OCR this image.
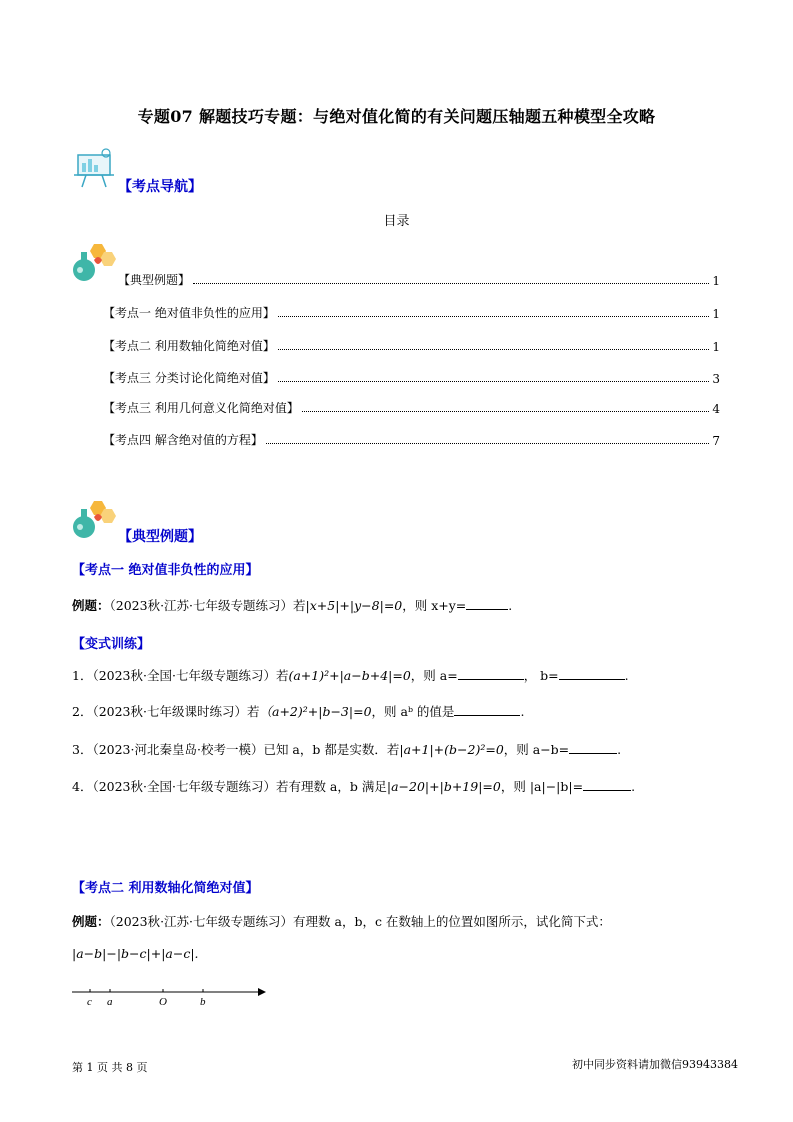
专题07 解题技巧专题：与绝对值化简的有关问题压轴题五种模型全攻略
【考点导航】
目录
【典型例题】	1
【考点一 绝对值非负性的应用】	1
【考点二 利用数轴化简绝对值】	1
【考点三 分类讨论化简绝对值】	3
【考点三 利用几何意义化简绝对值】	4
【考点四 解含绝对值的方程】	7
【典型例题】
【考点一 绝对值非负性的应用】
例题：（2023秋·江苏·七年级专题练习）若|x+5|+|y−8|=0，则 x+y=	.
【变式训练】
1．（2023秋·全国·七年级专题练习）若(a+1)²+|a−b+4|=0，则 a=	， b=	.
2．（2023秋·七年级课时练习）若（a+2)²+|b−3|=0，则 aᵇ 的值是	.
3．（2023·河北秦皇岛·校考一模）已知 a，b 都是实数．若|a+1|+(b−2)²=0，则 a−b=	.
4．（2023秋·全国·七年级专题练习）若有理数 a，b 满足|a−20|+|b+19|=0，则 |a|−|b|=	.
【考点二 利用数轴化简绝对值】
例题：（2023秋·江苏·七年级专题练习）有理数 a，b，c 在数轴上的位置如图所示，试化简下式：
|a−b|−|b−c|+|a−c|.
c a	O	b
第 1 页 共 8 页	初中同步资料请加微信93943384
